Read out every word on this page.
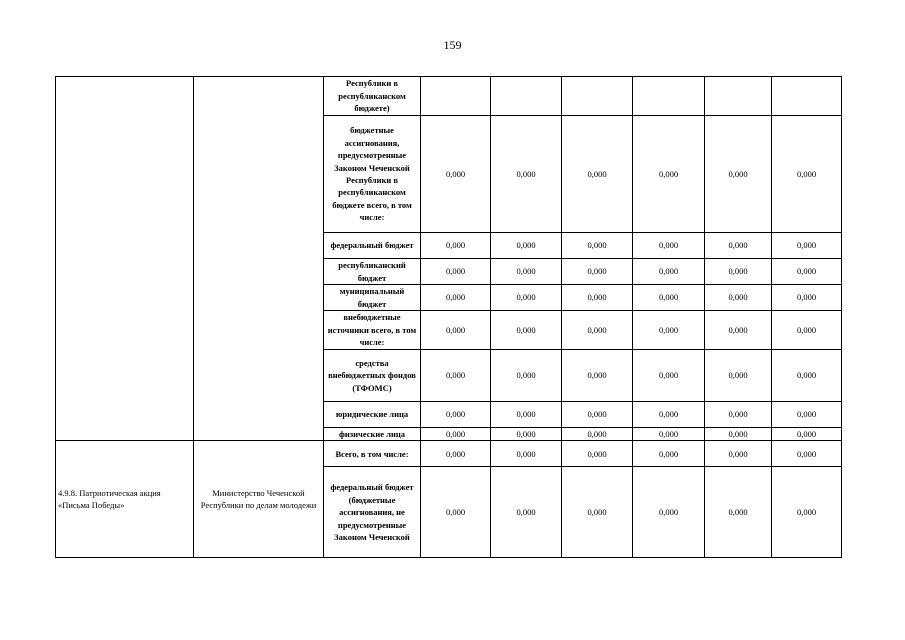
159
		Республики в республиканском бюджете)						
		бюджетные ассигнования, предусмотренные Законом Чеченской Республики в республиканском бюджете всего, в том числе:	0,000	0,000	0,000	0,000	0,000	0,000
		федеральный бюджет	0,000	0,000	0,000	0,000	0,000	0,000
		республиканский бюджет	0,000	0,000	0,000	0,000	0,000	0,000
		муниципальный бюджет	0,000	0,000	0,000	0,000	0,000	0,000
		внебюджетные источники всего, в том числе:	0,000	0,000	0,000	0,000	0,000	0,000
		средства внебюджетных фондов (ТФОМС)	0,000	0,000	0,000	0,000	0,000	0,000
		юридические лица	0,000	0,000	0,000	0,000	0,000	0,000
		физические лица	0,000	0,000	0,000	0,000	0,000	0,000
4.9.8. Патриотическая акция «Письма Победы»	Министерство Чеченской Республики по делам молодежи	Всего, в том числе:	0,000	0,000	0,000	0,000	0,000	0,000
		федеральный бюджет (бюджетные ассигнования, не предусмотренные Законом Чеченской	0,000	0,000	0,000	0,000	0,000	0,000
